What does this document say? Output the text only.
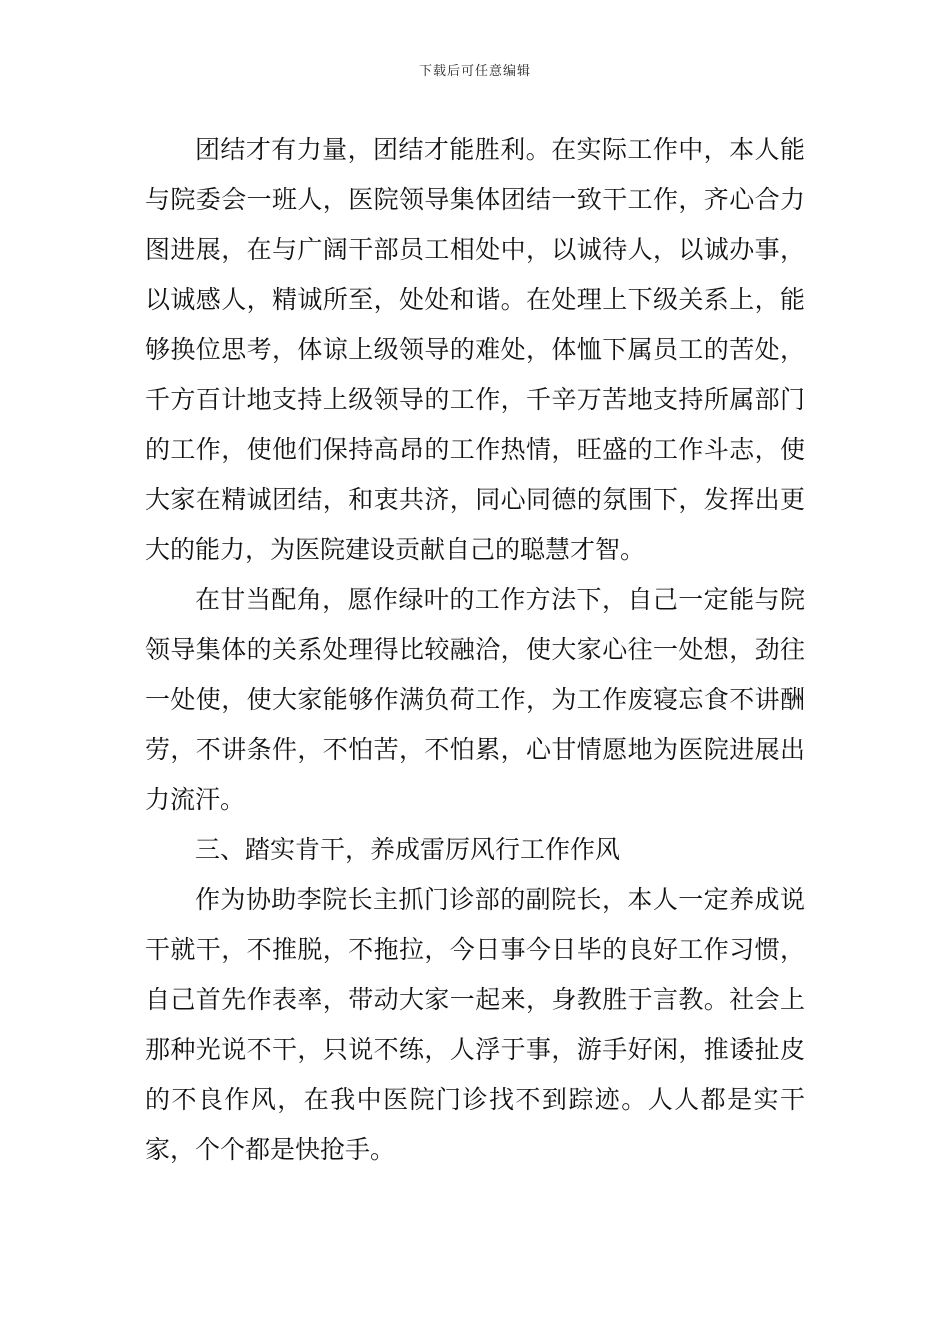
下载后可任意编辑

团结才有力量，团结才能胜利。在实际工作中，本人能与院委会一班人，医院领导集体团结一致干工作，齐心合力图进展，在与广阔干部员工相处中，以诚待人，以诚办事，以诚感人，精诚所至，处处和谐。在处理上下级关系上，能够换位思考，体谅上级领导的难处，体恤下属员工的苦处，千方百计地支持上级领导的工作，千辛万苦地支持所属部门的工作，使他们保持高昂的工作热情，旺盛的工作斗志，使大家在精诚团结，和衷共济，同心同德的氛围下，发挥出更大的能力，为医院建设贡献自己的聪慧才智。

在甘当配角，愿作绿叶的工作方法下，自己一定能与院领导集体的关系处理得比较融洽，使大家心往一处想，劲往一处使，使大家能够作满负荷工作，为工作废寝忘食不讲酬劳，不讲条件，不怕苦，不怕累，心甘情愿地为医院进展出力流汗。

三、踏实肯干，养成雷厉风行工作作风

作为协助李院长主抓门诊部的副院长，本人一定养成说干就干，不推脱，不拖拉，今日事今日毕的良好工作习惯，自己首先作表率，带动大家一起来，身教胜于言教。社会上那种光说不干，只说不练，人浮于事，游手好闲，推诿扯皮的不良作风，在我中医院门诊找不到踪迹。人人都是实干家，个个都是快抢手。
